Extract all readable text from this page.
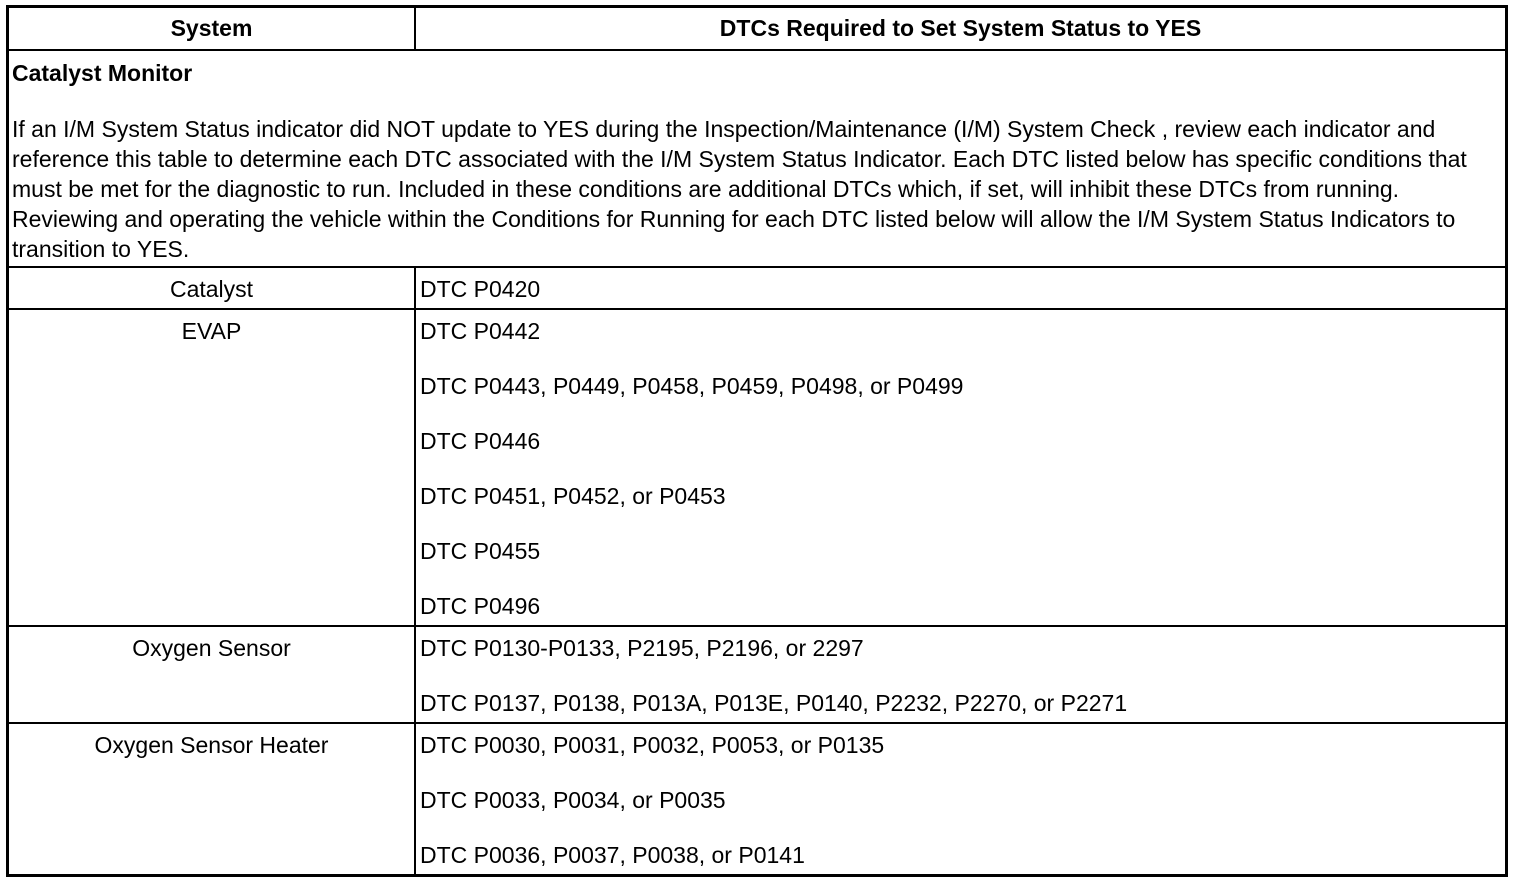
System	DTCs Required to Set System Status to YES
Catalyst Monitor
If an I/M System Status indicator did NOT update to YES during the Inspection/Maintenance (I/M) System Check , review each indicator and reference this table to determine each DTC associated with the I/M System Status Indicator. Each DTC listed below has specific conditions that must be met for the diagnostic to run. Included in these conditions are additional DTCs which, if set, will inhibit these DTCs from running. Reviewing and operating the vehicle within the Conditions for Running for each DTC listed below will allow the I/M System Status Indicators to transition to YES.
Catalyst	DTC P0420
EVAP	DTC P0442
DTC P0443, P0449, P0458, P0459, P0498, or P0499
DTC P0446
DTC P0451, P0452, or P0453
DTC P0455
DTC P0496
Oxygen Sensor	DTC P0130-P0133, P2195, P2196, or 2297
DTC P0137, P0138, P013A, P013E, P0140, P2232, P2270, or P2271
Oxygen Sensor Heater	DTC P0030, P0031, P0032, P0053, or P0135
DTC P0033, P0034, or P0035
DTC P0036, P0037, P0038, or P0141
